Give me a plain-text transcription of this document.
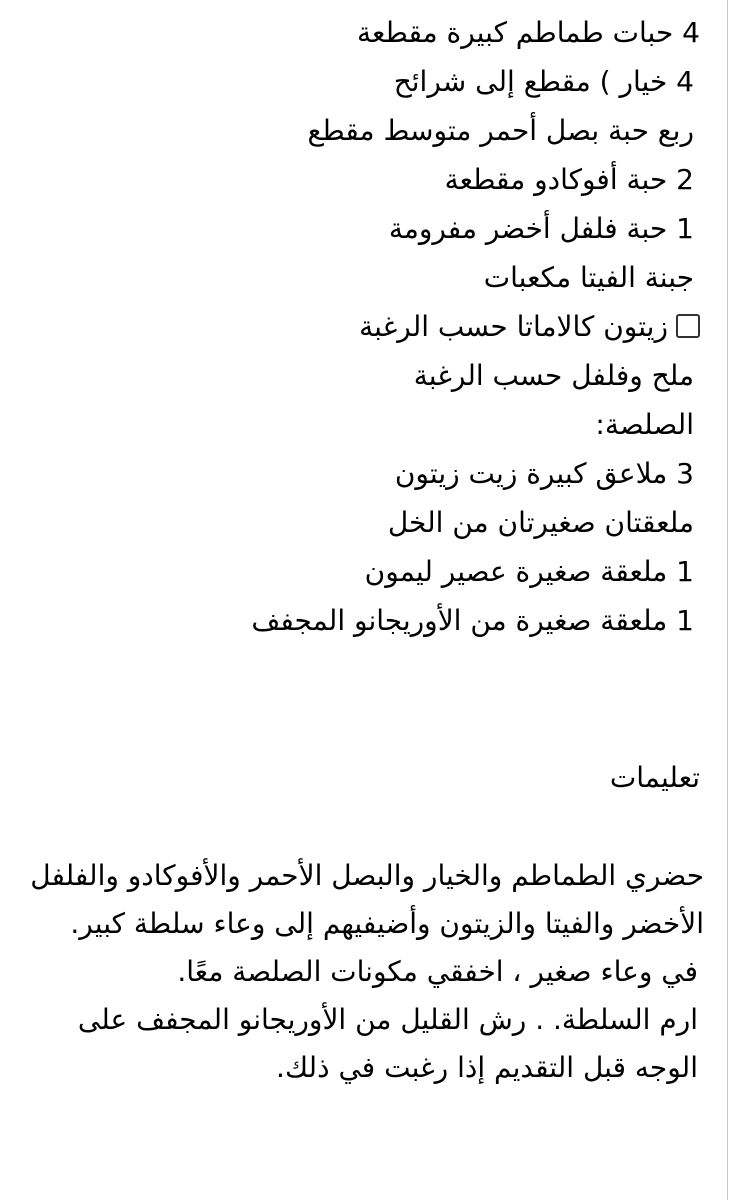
4 حبات طماطم كبيرة مقطعة
4 خيار ) مقطع إلى شرائح
ربع حبة بصل أحمر متوسط مقطع
2 حبة أفوكادو مقطعة
1 حبة فلفل أخضر مفرومة
جبنة الفيتا مكعبات
زيتون كالاماتا حسب الرغبة
ملح وفلفل حسب الرغبة
الصلصة:
3 ملاعق كبيرة زيت زيتون
ملعقتان صغيرتان من الخل
1 ملعقة صغيرة عصير ليمون
1 ملعقة صغيرة من الأوريجانو المجفف
تعليمات

حضري الطماطم والخيار والبصل الأحمر والأفوكادو والفلفل الأخضر والفيتا والزيتون وأضيفيهم إلى وعاء سلطة كبير.

في وعاء صغير ، اخفقي مكونات الصلصة معًا.

ارم السلطة. . رش القليل من الأوريجانو المجفف على الوجه قبل التقديم إذا رغبت في ذلك.
